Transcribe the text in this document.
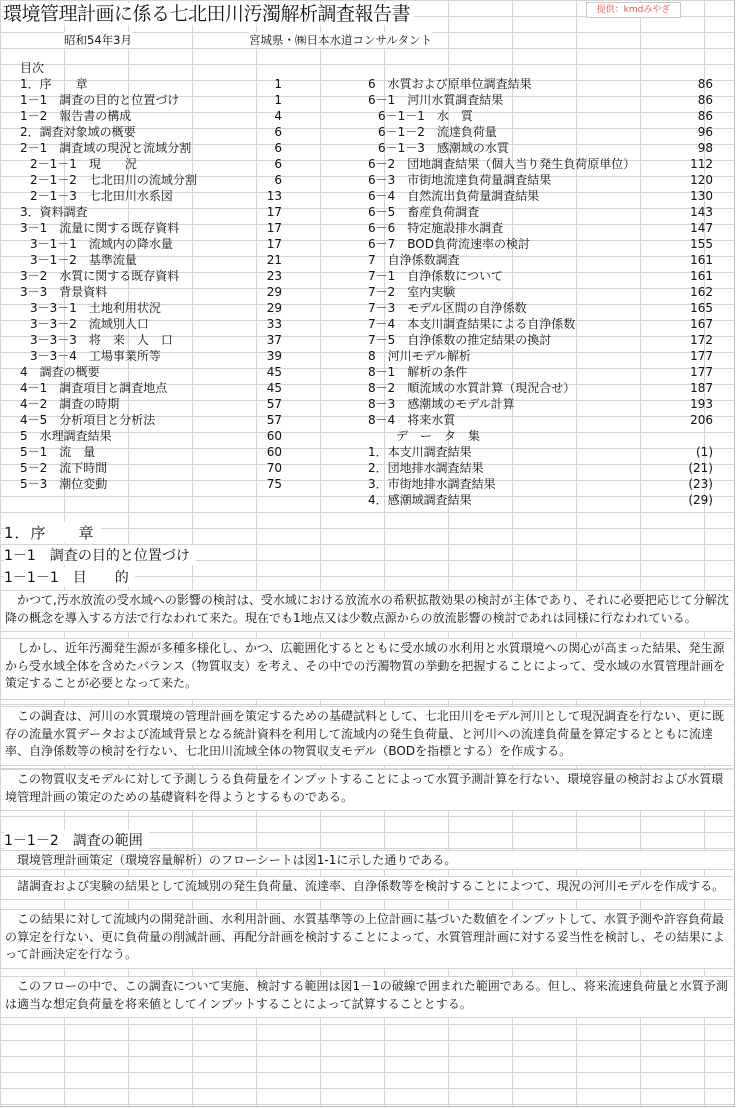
環境管理計画に係る七北田川汚濁解析調査報告書	提供：kmdみやぎ
昭和54年3月	宮城県・㈱日本水道コンサルタント
目次
1．序　　章	1
1－1　調査の目的と位置づけ	1
1－2　報告書の構成	4
2．調査対象域の概要	6
2－1　調査域の現況と流域分割	6
2－1－1　現　　況	6
2－1－2　七北田川の流域分割	6
2－1－3　七北田川水系図	13
3．資料調査	17
3－1　流量に関する既存資料	17
3－1－1　流域内の降水量	17
3－1－2　基準流量	21
3－2　水質に関する既存資料	23
3－3　背景資料	29
3－3－1　土地利用状況	29
3－3－2　流域別人口	33
3－3－3　将　来　人　口	37
3－3－4　工場事業所等	39
4　調査の概要	45
4－1　調査項目と調査地点	45
4－2　調査の時期	57
4－5　分析項目と分析法	57
5　水理調査結果	60
5－1　流　量	60
5－2　流下時間	70
5－3　潮位変動	75
6　水質および原単位調査結果	86
6－1　河川水質調査結果	86
6－1－1　水　質	86
6－1－2　流達負荷量	96
6－1－3　感潮域の水質	98
6－2　団地調査結果（個人当り発生負荷原単位）	112
6－3　市街地流達負荷量調査結果	120
6－4　自然流出負荷量調査結果	130
6－5　畜産負荷調査	143
6－6　特定施設排水調査	147
6－7　BOD負荷流速率の検討	155
7　自浄係数調査	161
7－1　自浄係数について	161
7－2　室内実験	162
7－3　モデル区間の自浄係数	165
7－4　本支川調査結果による自浄係数	167
7－5　自浄係数の推定結果の換討	172
8　河川モデル解析	177
8－1　解析の条件	177
8－2　順流域の水質計算（現況合せ）	187
8－3　感潮域のモデル計算	193
8－4　将来水質	206
デ　ー　タ　集
1．本支川調査結果	(1)
2．団地排水調査結果	(21)
3．市街地排水調査結果	(23)
4．感潮域調査結果	(29)
1．序　　章
1－1　調査の目的と位置づけ
1－1－1　目　　的
かつて,汚水放流の受水域への影響の検討は、受水域における放流水の希釈拡散効果の検討が主体であり、それに必要把応じて分解沈降の概念を導入する方法で行なわれて来た。現在でも1地点又は少数点源からの放流影響の検討であれは同様に行なわれている。
しかし、近年汚濁発生源が多種多様化し、かつ、広範囲化するとともに受水域の水利用と水質環境への関心が高まった結果、発生源から受水域全体を含めたバランス（物質収支）を考え、その中での汚濁物質の挙動を把握することによって、受水域の水質管理計画を策定することが必要となって来た。
この調査は、河川の水質環境の管理計画を策定するための基礎試料として、七北田川をモデル河川として現況調査を行ない、更に既存の流量水質データおよび流域背景となる統計資料を利用して流域内の発生負荷量、と河川への流達負荷量を算定するとともに流達率、自浄係数等の検討を行ない、七北田川流域全体の物質収支モデル（BODを指標とする）を作成する。
この物質収支モデルに対して予測しうる負荷量をインプットすることによって水質予測計算を行ない、環境容量の検討および水質環境管理計画の策定のための基礎資料を得ようとするものである。
1－1－2　調査の範囲
環境管理計画策定（環境容量解析）のフローシートは図1-1に示した通りである。
諸調査および実験の結果として流域別の発生負荷量、流達率、自浄係数等を検討することによつて、現況の河川モデルを作成する。
この結果に対して流域内の開発計画、水利用計画、水質基準等の上位計画に基づいた数値をインプットして、水質予測や許容負荷最の算定を行ない、更に負荷量の削減計画、再配分計画を検討することによって、水質管理計画に対する妥当性を検討し、その結果によって計画決定を行なう。
このフローの中で、この調査について実施、検討する範囲は図1－1の破線で囲まれた範囲である。但し、将来流速負荷量と水質予測は適当な想定負荷量を将来値としてインプットすることによって試算することとする。
